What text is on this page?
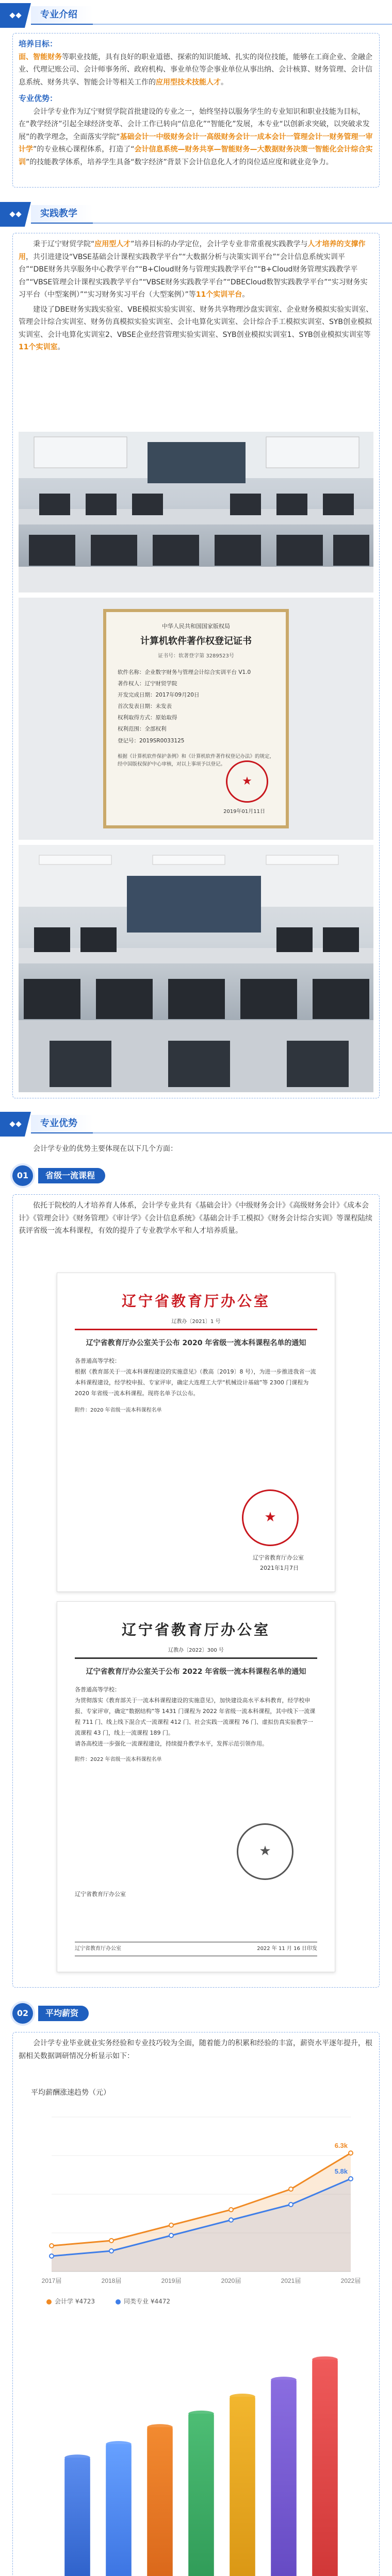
专业介绍
培养目标：

面、智能财务等职业技能，具有良好的职业道德、探索的知识能域、扎实的岗位技能，能够在工商企业、金融企业、代理记账公司、会计师事务所、政府机构、事业单位等企事业单位从事出纳、会计核算、财务管理、会计信息系统、财务共享、智能会计等相关工作的应用型技术技能人才。

专业优势：

会计学专业作为辽宁财贸学院首批建设的专业之一，始终坚持以服务学生的专业知识和职业技能为目标，在“教学经济”引起全球经济变革、会计工作已转向“信息化”“智能化”发展，本专业“以创新求突破，以突破求发展”的教学理念，全面落实学院“基础会计一中级财务会计一高级财务会计一成本会计一管理会计一财务管理一审计学”的专业核心课程体系，打造了“会计信息系统—财务共享—智能财务—大数据财务决策一智能化会计综合实训”的技能教学体系，培养学生具备“数字经济”背景下会计信息化人才的岗位适应度和就业竞争力。

实践教学

秉于辽宁财贸学院“应用型人才”培养目标的办学定位，会计学专业非常重视实践教学与人才培养的支撑作用，共引进建设“VBSE基础会计课程实践教学平台”“大数据分析与决策实训平台”“会计信息系统实训平台”“DBE财务共享服务中心教学平台”“B+Cloud财务与管理实践教学平台”“B+Cloud财务管理实践教学平台”“VBSE管理会计课程实践教学平台”“VBSE财务实践教学平台”“DBECloud数智实践教学平台”“实习财务实习平台（中型案例）”“实习财务实习平台（大型案例）”等11个实训平台。

建设了DBE财务实践实验室、VBE模拟实验实训室、财务共享物理沙盘实训室、企业财务模拟实验实训室、管理会计综合实训室、财务仿真模拟实验实训室、会计电算化实训室、会计综合手工模拟实训室、SYB创业模拟实训室、会计电算化实训室2、VBSE企业经营管理实验实训室、SYB创业模拟实训室1、SYB创业模拟实训室等11个实训室。

中华人民共和国国家版权局
计算机软件著作权登记证书
证书号：软著登字第 3289523号
软件名称：企业数字财务与管理会计综合实训平台 V1.0
著作权人：辽宁财贸学院
开发完成日期：2017年09月20日
首次发表日期：未发表
权利取得方式：原始取得
权利范围：全部权利
登记号：2019SR0033125
根据《计算机软件保护条例》和《计算机软件著作权登记办法》的规定，经中国版权保护中心审核，对以上事项予以登记。
★
2019年01月11日
专业优势

会计学专业的优势主要体现在以下几个方面：

01	省级一流课程

依托于院校的人才培养育人体系，会计学专业共有《基础会计》《中级财务会计》《高级财务会计》《成本会计》《管理会计》《财务管理》《审计学》《会计信息系统》《基础会计手工模拟》《财务会计综合实训》等课程陆续获评省级一流本科课程，有效的提升了专业教学水平和人才培养质量。

辽宁省教育厅办公室
辽教办〔2021〕1 号
辽宁省教育厅办公室关于公布 2020 年省级一流本科课程名单的通知
各普通高等学校：
根据《教育部关于一流本科课程建设的实施意见》（教高〔2019〕8 号），为进一步推进我省一流本科课程建设，经学校申报、专家评审，确定大连理工大学“机械设计基础”等 2300 门课程为 2020 年省级一流本科课程。现将名单予以公布。
附件：2020 年省级一流本科课程名单
★
辽宁省教育厅办公室
2021年1月7日
辽宁省教育厅办公室
辽教办〔2022〕300 号
辽宁省教育厅办公室关于公布 2022 年省级一流本科课程名单的通知
各普通高等学校：
为贯彻落实《教育部关于一流本科课程建设的实施意见》，加快建设高水平本科教育，经学校申报、专家评审，确定“数据结构”等 1431 门课程为 2022 年省级一流本科课程，其中线下一流课程 711 门、线上线下混合式一流课程 412 门、社会实践一流课程 76 门、虚拟仿真实验教学一流课程 43 门，线上一流课程 189 门。
请各高校进一步强化一流课程建设，持续提升教学水平，发挥示范引领作用。
附件：2022 年省级一流本科课程名单
★
辽宁省教育厅办公室
辽宁省教育厅办公室	2022 年 11 月 16 日印发
02	平均薪资

会计学专业毕业就业实务经验和专业技巧较为全面，随着能力的积累和经验的丰富，薪资水平逐年提升，根据相关数据调研情况分析显示如下：

平均薪酬涨速趋势（元）
6.3k
5.8k
2017届	2018届	2019届	2020届	2021届	2022届
会计学 ¥4723	同类专业 ¥4472
